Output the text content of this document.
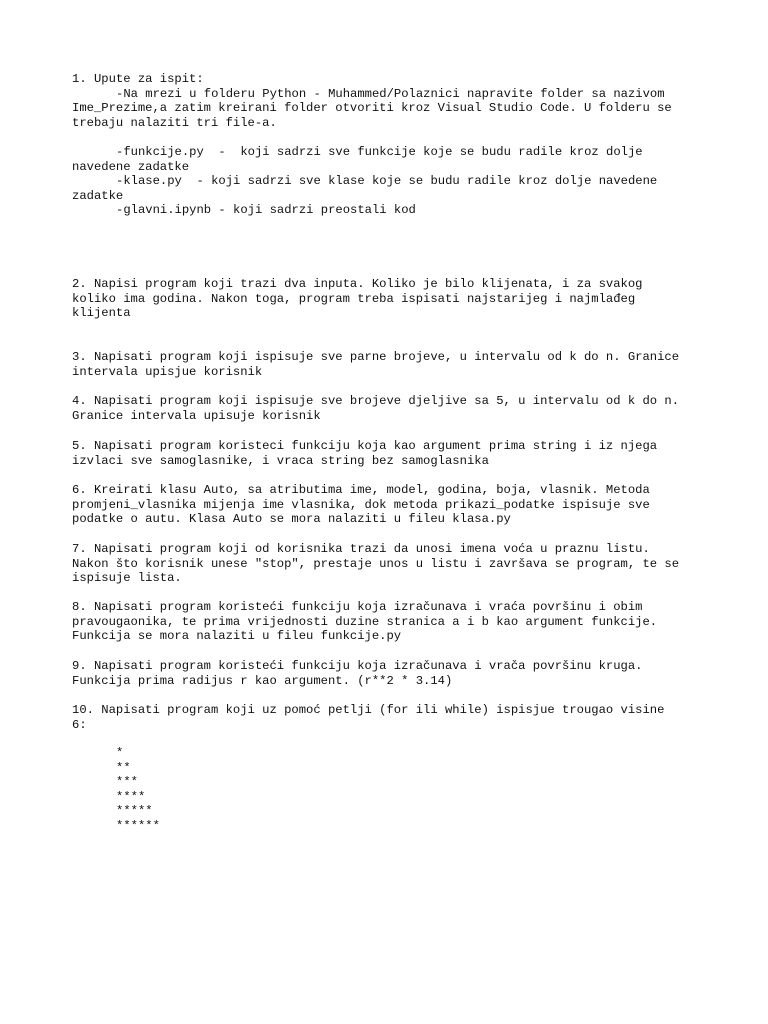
1. Upute za ispit:

-Na mrezi u folderu Python - Muhammed/Polaznici napravite folder sa nazivom

Ime_Prezime,a zatim kreirani folder otvoriti kroz Visual Studio Code. U folderu se

trebaju nalaziti tri file-a.

-funkcije.py  -  koji sadrzi sve funkcije koje se budu radile kroz dolje

navedene zadatke

-klase.py  - koji sadrzi sve klase koje se budu radile kroz dolje navedene

zadatke

-glavni.ipynb - koji sadrzi preostali kod

2. Napisi program koji trazi dva inputa. Koliko je bilo klijenata, i za svakog

koliko ima godina. Nakon toga, program treba ispisati najstarijeg i najmlađeg

klijenta

3. Napisati program koji ispisuje sve parne brojeve, u intervalu od k do n. Granice

intervala upisjue korisnik

4. Napisati program koji ispisuje sve brojeve djeljive sa 5, u intervalu od k do n.

Granice intervala upisuje korisnik

5. Napisati program koristeci funkciju koja kao argument prima string i iz njega

izvlaci sve samoglasnike, i vraca string bez samoglasnika

6. Kreirati klasu Auto, sa atributima ime, model, godina, boja, vlasnik. Metoda

promjeni_vlasnika mijenja ime vlasnika, dok metoda prikazi_podatke ispisuje sve

podatke o autu. Klasa Auto se mora nalaziti u fileu klasa.py

7. Napisati program koji od korisnika trazi da unosi imena voća u praznu listu.

Nakon što korisnik unese "stop", prestaje unos u listu i završava se program, te se

ispisuje lista.

8. Napisati program koristeći funkciju koja izračunava i vraća površinu i obim

pravougaonika, te prima vrijednosti duzine stranica a i b kao argument funkcije.

Funkcija se mora nalaziti u fileu funkcije.py

9. Napisati program koristeći funkciju koja izračunava i vrača površinu kruga.

Funkcija prima radijus r kao argument. (r**2 * 3.14)

10. Napisati program koji uz pomoć petlji (for ili while) ispisjue trougao visine

6:

*

**

***

****

*****

******
